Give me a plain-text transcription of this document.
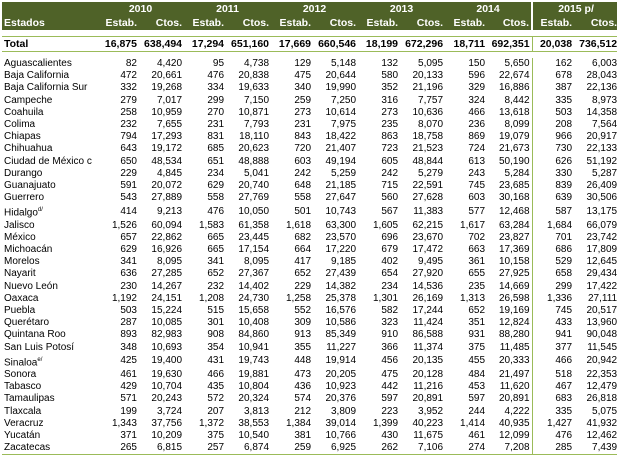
	2010		2011		2012		2013		2014		2015 p/	
Estados	Estab.	Ctos.	Estab.	Ctos.	Estab.	Ctos.	Estab.	Ctos.	Estab.	Ctos.	Estab.	Ctos.

Total	16,875	638,494	17,294	651,160	17,669	660,546	18,199	672,296	18,711	692,351	20,038	736,512

Aguascalientes	82	4,420	95	4,738	129	5,148	132	5,095	150	5,650	162	6,003
Baja California	472	20,661	476	20,838	475	20,644	580	20,133	596	22,674	678	28,043
Baja California Sur	332	19,268	334	19,633	340	19,990	352	21,196	329	16,886	387	22,136
Campeche	279	7,017	299	7,150	259	7,250	316	7,757	324	8,442	335	8,973
Coahuila	258	10,959	270	10,871	273	10,614	273	10,636	466	13,618	503	14,358
Colima	232	7,655	231	7,793	231	7,975	235	8,070	236	8,099	208	7,564
Chiapas	794	17,293	831	18,110	843	18,422	863	18,758	869	19,079	966	20,917
Chihuahua	643	19,172	685	20,623	720	21,407	723	21,523	724	21,673	730	22,133
Ciudad de México c	650	48,534	651	48,888	603	49,194	605	48,844	613	50,190	626	51,192
Durango	229	4,845	234	5,041	242	5,259	242	5,279	243	5,284	330	5,287
Guanajuato	591	20,072	629	20,740	648	21,185	715	22,591	745	23,685	839	26,409
Guerrero	543	27,889	558	27,769	558	27,647	560	27,628	603	30,168	639	30,506
Hidalgo$^{d/}$	414	9,213	476	10,050	501	10,743	567	11,383	577	12,468	587	13,175
Jalisco	1,526	60,094	1,583	61,358	1,618	63,300	1,605	62,215	1,617	63,284	1,684	66,079
México	657	22,862	665	23,445	682	23,570	696	23,670	702	23,827	701	23,742
Michoacán	629	16,926	665	17,154	664	17,220	679	17,472	663	17,369	686	17,809
Morelos	341	8,095	341	8,095	417	9,185	402	9,495	361	10,158	529	12,645
Nayarit	636	27,285	652	27,367	652	27,439	654	27,920	655	27,925	658	29,434
Nuevo León	230	14,267	232	14,402	229	14,382	234	14,536	235	14,669	299	17,422
Oaxaca	1,192	24,151	1,208	24,730	1,258	25,378	1,301	26,169	1,313	26,598	1,336	27,111
Puebla	503	15,224	515	15,658	552	16,576	582	17,244	652	19,169	745	20,517
Querétaro	287	10,085	301	10,408	309	10,586	323	11,424	351	12,824	433	13,960
Quintana Roo	893	82,983	908	84,860	913	85,349	910	86,588	931	88,280	941	90,048
San Luis Potosí	348	10,693	354	10,941	355	11,227	366	11,374	375	11,485	377	11,545
Sinaloa$^{e/}$	425	19,400	431	19,743	448	19,914	456	20,135	455	20,333	466	20,942
Sonora	461	19,630	466	19,881	473	20,205	475	20,128	484	21,497	518	22,353
Tabasco	429	10,704	435	10,804	436	10,923	442	11,216	453	11,620	467	12,479
Tamaulipas	571	20,243	572	20,324	574	20,376	597	20,891	597	20,891	683	26,818
Tlaxcala	199	3,724	207	3,813	212	3,809	223	3,952	244	4,222	335	5,075
Veracruz	1,343	37,756	1,372	38,553	1,384	39,014	1,399	40,223	1,414	40,935	1,427	41,932
Yucatán	371	10,209	375	10,540	381	10,766	430	11,675	461	12,099	476	12,462
Zacatecas	265	6,815	257	6,874	259	6,925	262	7,106	274	7,208	285	7,439
